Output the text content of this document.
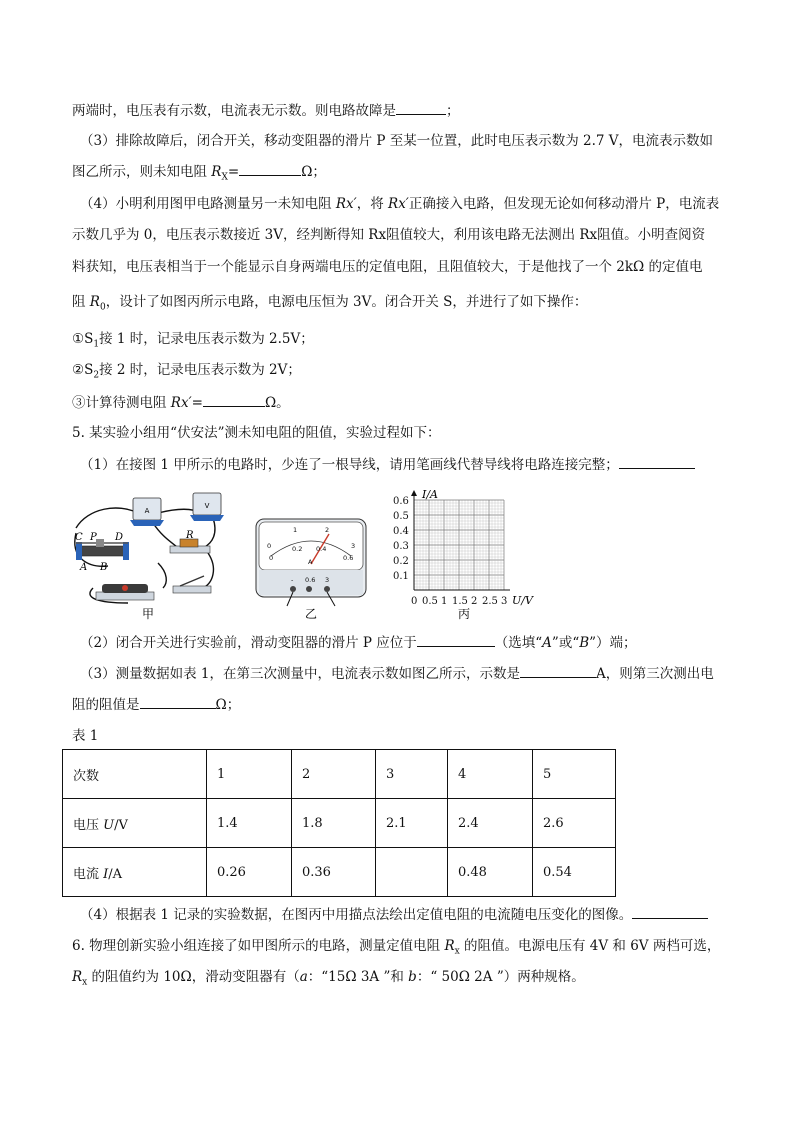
两端时，电压表有示数，电流表无示数。则电路故障是	；
（3）排除故障后，闭合开关，移动变阻器的滑片 P 至某一位置，此时电压表示数为 2.7 V，电流表示数如
图乙所示，则未知电阻 $R_X=$	Ω；
（4）小明利用图甲电路测量另一未知电阻 Rx′，将 Rx′正确接入电路，但发现无论如何移动滑片 P，电流表
示数几乎为 0，电压表示数接近 3V，经判断得知 Rx阻值较大，利用该电路无法测出 Rx阻值。小明查阅资
料获知，电压表相当于一个能显示自身两端电压的定值电阻，且阻值较大，于是他找了一个 2kΩ 的定值电
阻 $R_0$，设计了如图丙所示电路，电源电压恒为 3V。闭合开关 S，并进行了如下操作：
$①S_1$接 1 时，记录电压表示数为 2.5V；
$②S_2$接 2 时，记录电压表示数为 2V；
③计算待测电阻 Rx′=	Ω。
5. 某实验小组用“伏安法”测未知电阻的阻值，实验过程如下：
（1）在接图 1 甲所示的电路时，少连了一根导线，请用笔画线代替导线将电路连接完整；
A
V
R
C P D
A B
甲
0
1	2
3
0
0.2 0.4
0.6
A
- 0.6 3
乙
0.1
0.2
0.3
0.4
0.5
0.6
0 0.5 1 1.5 2 2.5 3
I/A
U/V
丙
（2）闭合开关进行实验前，滑动变阻器的滑片 P 应位于	（选填“A”或“B”）端；
（3）测量数据如表 1，在第三次测量中，电流表示数如图乙所示，示数是	A，则第三次测出电
阻的阻值是	Ω；
表 1
次数	1	2	3	4	5
电压 U/V	1.4	1.8	2.1	2.4	2.6
电流 I/A	0.26	0.36		0.48	0.54
（4）根据表 1 记录的实验数据，在图丙中用描点法绘出定值电阻的电流随电压变化的图像。
6. 物理创新实验小组连接了如甲图所示的电路，测量定值电阻 $R_x$ 的阻值。电源电压有 4V 和 6V 两档可选，
$R_x$ 的阻值约为 10Ω，滑动变阻器有（a：“15Ω 3A ”和 b：“ 50Ω 2A ”）两种规格。
